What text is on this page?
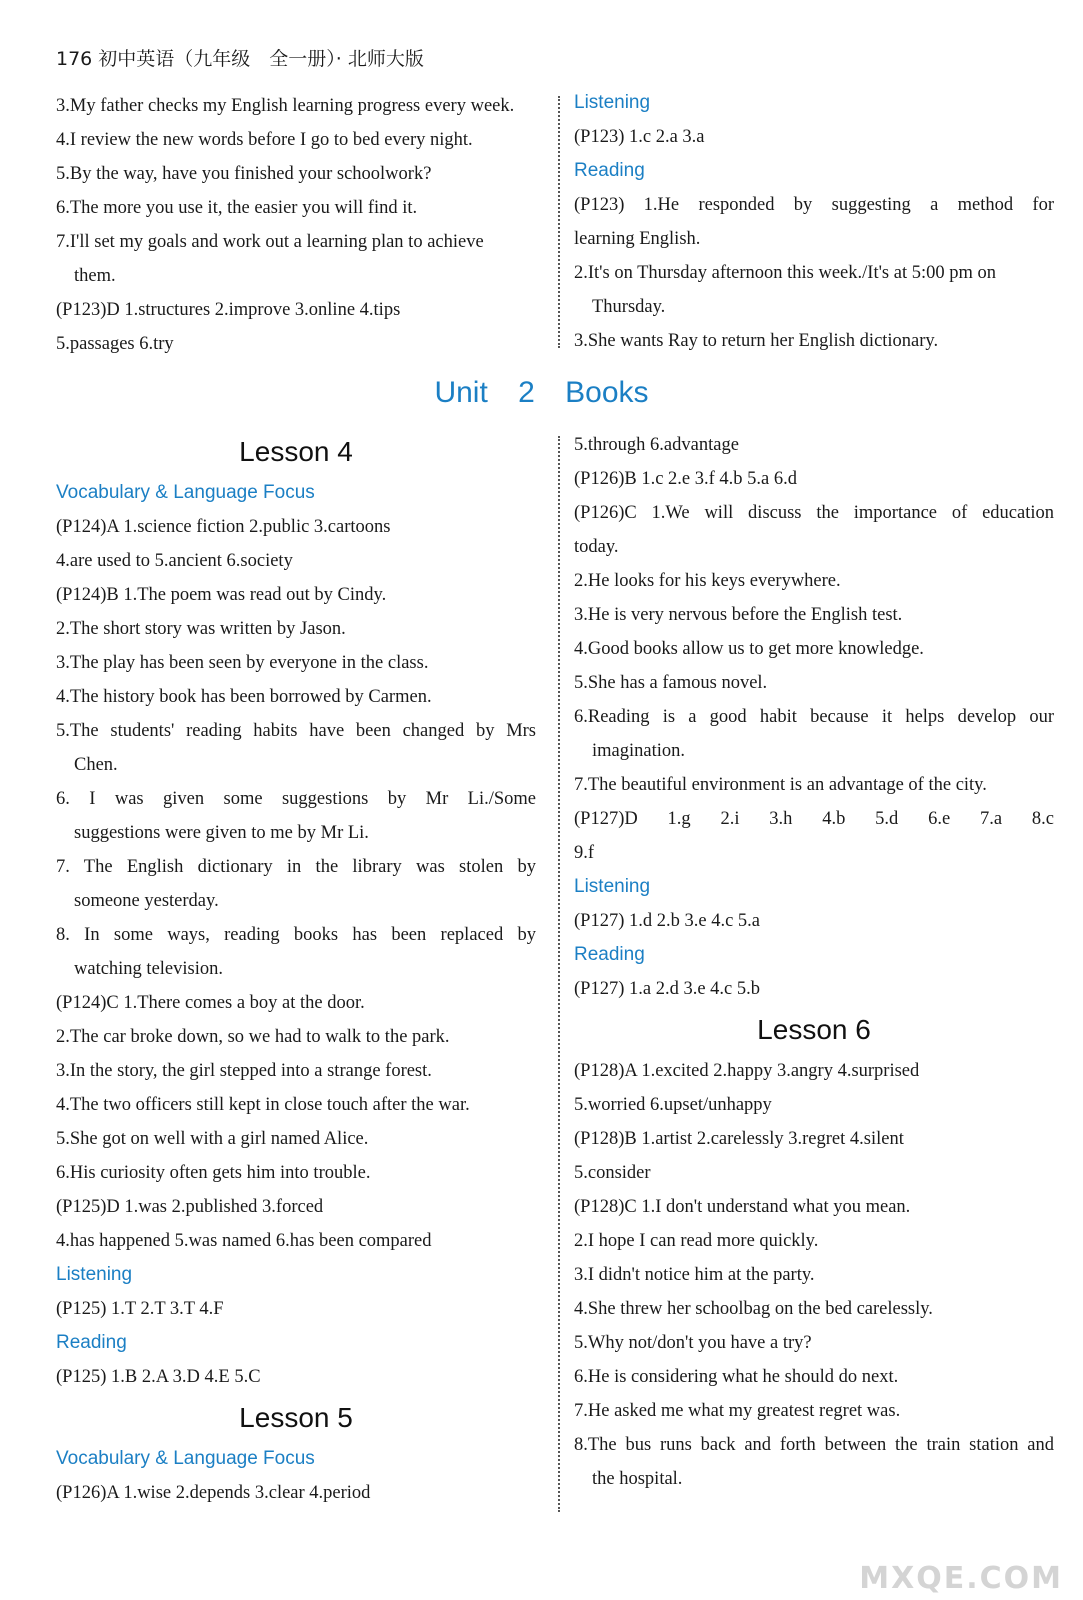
176 初中英语（九年级　全一册）· 北师大版
3.My father checks my English learning progress every week.
4.I review the new words before I go to bed every night.
5.By the way, have you finished your schoolwork?
6.The more you use it, the easier you will find it.
7.I'll set my goals and work out a learning plan to achieve
them.
(P123)D 1.structures 2.improve 3.online 4.tips
5.passages 6.try
Listening
(P123) 1.c 2.a 3.a
Reading
(P123) 1.He responded by suggesting a method for
learning English.
2.It's on Thursday afternoon this week./It's at 5:00 pm on
Thursday.
3.She wants Ray to return her English dictionary.
Unit 2 Books
Lesson 4
Vocabulary & Language Focus
(P124)A 1.science fiction 2.public 3.cartoons
4.are used to 5.ancient 6.society
(P124)B 1.The poem was read out by Cindy.
2.The short story was written by Jason.
3.The play has been seen by everyone in the class.
4.The history book has been borrowed by Carmen.
5.The students' reading habits have been changed by Mrs
Chen.
6. I was given some suggestions by Mr Li./Some
suggestions were given to me by Mr Li.
7. The English dictionary in the library was stolen by
someone yesterday.
8. In some ways, reading books has been replaced by
watching television.
(P124)C 1.There comes a boy at the door.
2.The car broke down, so we had to walk to the park.
3.In the story, the girl stepped into a strange forest.
4.The two officers still kept in close touch after the war.
5.She got on well with a girl named Alice.
6.His curiosity often gets him into trouble.
(P125)D 1.was 2.published 3.forced
4.has happened 5.was named 6.has been compared
Listening
(P125) 1.T 2.T 3.T 4.F
Reading
(P125) 1.B 2.A 3.D 4.E 5.C
Lesson 5
Vocabulary & Language Focus
(P126)A 1.wise 2.depends 3.clear 4.period
5.through 6.advantage
(P126)B 1.c 2.e 3.f 4.b 5.a 6.d
(P126)C 1.We will discuss the importance of education
today.
2.He looks for his keys everywhere.
3.He is very nervous before the English test.
4.Good books allow us to get more knowledge.
5.She has a famous novel.
6.Reading is a good habit because it helps develop our
imagination.
7.The beautiful environment is an advantage of the city.
(P127)D 1.g 2.i 3.h 4.b 5.d 6.e 7.a 8.c
9.f
Listening
(P127) 1.d 2.b 3.e 4.c 5.a
Reading
(P127) 1.a 2.d 3.e 4.c 5.b
Lesson 6
(P128)A 1.excited 2.happy 3.angry 4.surprised
5.worried 6.upset/unhappy
(P128)B 1.artist 2.carelessly 3.regret 4.silent
5.consider
(P128)C 1.I don't understand what you mean.
2.I hope I can read more quickly.
3.I didn't notice him at the party.
4.She threw her schoolbag on the bed carelessly.
5.Why not/don't you have a try?
6.He is considering what he should do next.
7.He asked me what my greatest regret was.
8.The bus runs back and forth between the train station and
the hospital.
MXQE.COM
